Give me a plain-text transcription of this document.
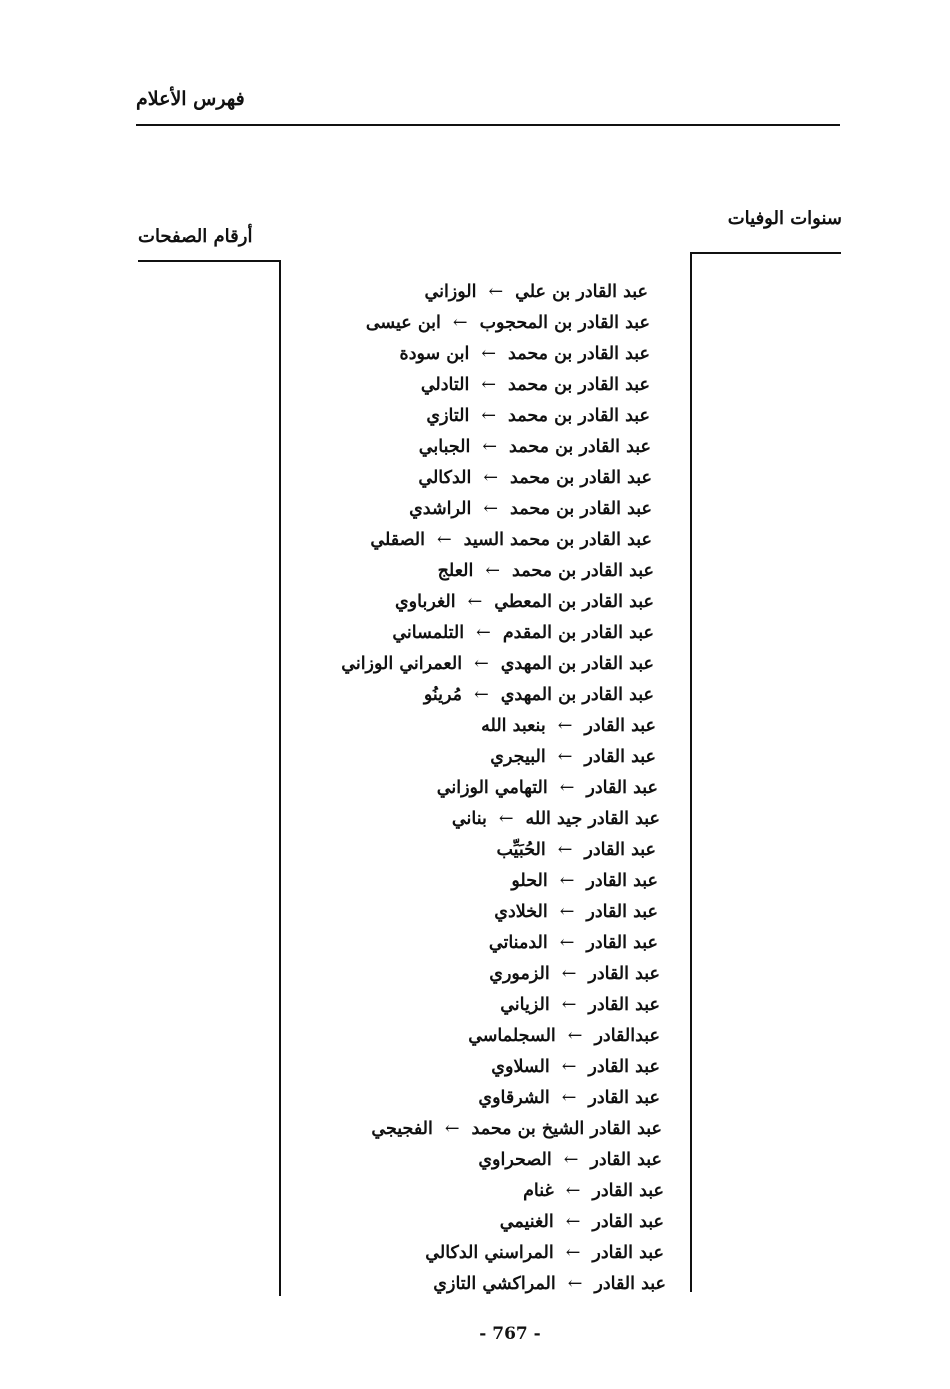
فهرس الأعلام
أرقام الصفحات
سنوات الوفيات
عبد القادر بن علي←الوزاني
عبد القادر بن المحجوب←ابن عيسى
عبد القادر بن محمد←ابن سودة
عبد القادر بن محمد←التادلي
عبد القادر بن محمد←التازي
عبد القادر بن محمد←الجبابي
عبد القادر بن محمد←الدكالي
عبد القادر بن محمد←الراشدي
عبد القادر بن محمد السيد←الصقلي
عبد القادر بن محمد←العلج
عبد القادر بن المعطي←الغرباوي
عبد القادر بن المقدم←التلمساني
عبد القادر بن المهدي←العمراني الوزاني
عبد القادر بن المهدي←مُرينُو
عبد القادر←بنعبد الله
عبد القادر←البيجري
عبد القادر←التهامي الوزاني
عبد القادر جيد الله←بناني
عبد القادر←الحُبَيِّب
عبد القادر←الحلو
عبد القادر←الخلادي
عبد القادر←الدمناتي
عبد القادر←الزموري
عبد القادر←الزياني
عبدالقادر←السجلماسي
عبد القادر←السلاوي
عبد القادر←الشرقاوي
عبد القادر الشيخ بن محمد←الفجيجي
عبد القادر←الصحراوي
عبد القادر←غنام
عبد القادر←الغنيمي
عبد القادر←المراسني الدكالي
عبد القادر←المراكشي التازي
- 767 -
